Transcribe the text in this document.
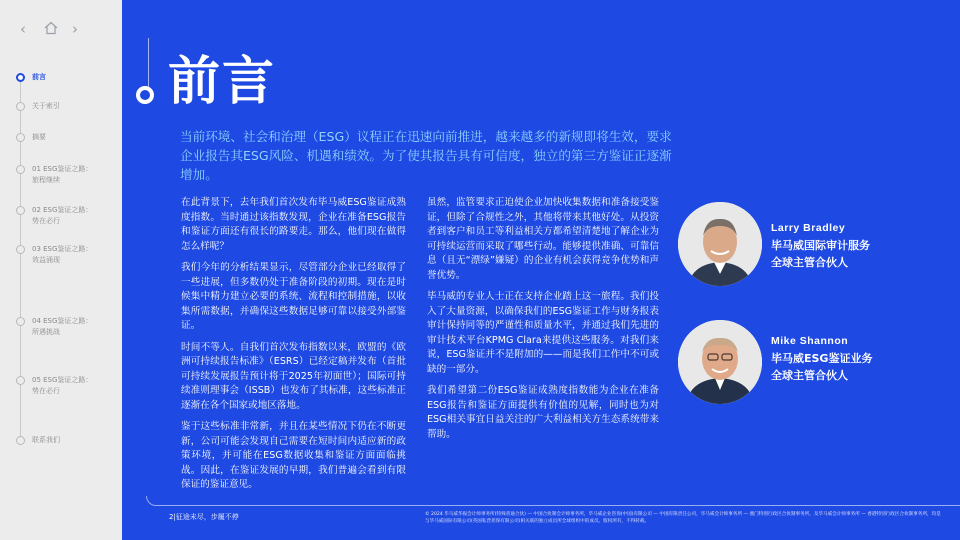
‹	›
前言
关于索引
摘要
01 ESG鉴证之路：
旅程继续
02 ESG鉴证之路：
势在必行
03 ESG鉴证之路：
效益涌现
04 ESG鉴证之路：
所遇挑战
05 ESG鉴证之路：
势在必行
联系我们
前言
当前环境、社会和治理（ESG）议程正在迅速向前推进，越来越多的新规即将生效，要求企业报告其ESG风险、机遇和绩效。为了使其报告具有可信度，独立的第三方鉴证正逐渐增加。

在此背景下，去年我们首次发布毕马威ESG鉴证成熟度指数。当时通过该指数发现，企业在准备ESG报告和鉴证方面还有很长的路要走。那么，他们现在做得怎么样呢？

我们今年的分析结果显示，尽管部分企业已经取得了一些进展，但多数仍处于准备阶段的初期。现在是时候集中精力建立必要的系统、流程和控制措施，以收集所需数据，并确保这些数据足够可靠以接受外部鉴证。

时间不等人。自我们首次发布指数以来，欧盟的《欧洲可持续报告标准》（ESRS）已经定稿并发布（首批可持续发展报告预计将于2025年初面世）；国际可持续准则理事会（ISSB）也发布了其标准，这些标准正逐渐在各个国家或地区落地。

鉴于这些标准非常新，并且在某些情况下仍在不断更新，公司可能会发现自己需要在短时间内适应新的政策环境，并可能在ESG数据收集和鉴证方面面临挑战。因此，在鉴证发展的早期，我们普遍会看到有限保证的鉴证意见。

虽然，监管要求正迫使企业加快收集数据和准备接受鉴证，但除了合规性之外，其他将带来其他好处。从投资者到客户和员工等利益相关方都希望清楚地了解企业为可持续运营而采取了哪些行动。能够提供准确、可靠信息（且无“漂绿”嫌疑）的企业有机会获得竞争优势和声誉优势。

毕马威的专业人士正在支持企业踏上这一旅程。我们投入了大量资源，以确保我们的ESG鉴证工作与财务报表审计保持同等的严谨性和质量水平，并通过我们先进的审计技术平台KPMG Clara来提供这些服务。对我们来说，ESG鉴证并不是附加的——而是我们工作中不可或缺的一部分。

我们希望第二份ESG鉴证成熟度指数能为企业在准备ESG报告和鉴证方面提供有价值的见解，同时也为对ESG相关事宜日益关注的广大利益相关方生态系统带来帮助。

Larry Bradley
毕马威国际审计服务
全球主管合伙人
Mike Shannon
毕马威ESG鉴证业务
全球主管合伙人
2|征途未尽，步履不停	© 2024 毕马威华振会计师事务所(特殊普通合伙) — 中国合伙制会计师事务所，毕马威企业咨询(中国)有限公司 — 中国有限责任公司，毕马威会计师事务所 — 澳门特别行政区合伙制事务所，及毕马威会计师事务所 — 香港特别行政区合伙制事务所，均是与毕马威国际有限公司(英国私营担保有限公司)相关联的独立成员所全球组织中的成员。版权所有，不得转载。
